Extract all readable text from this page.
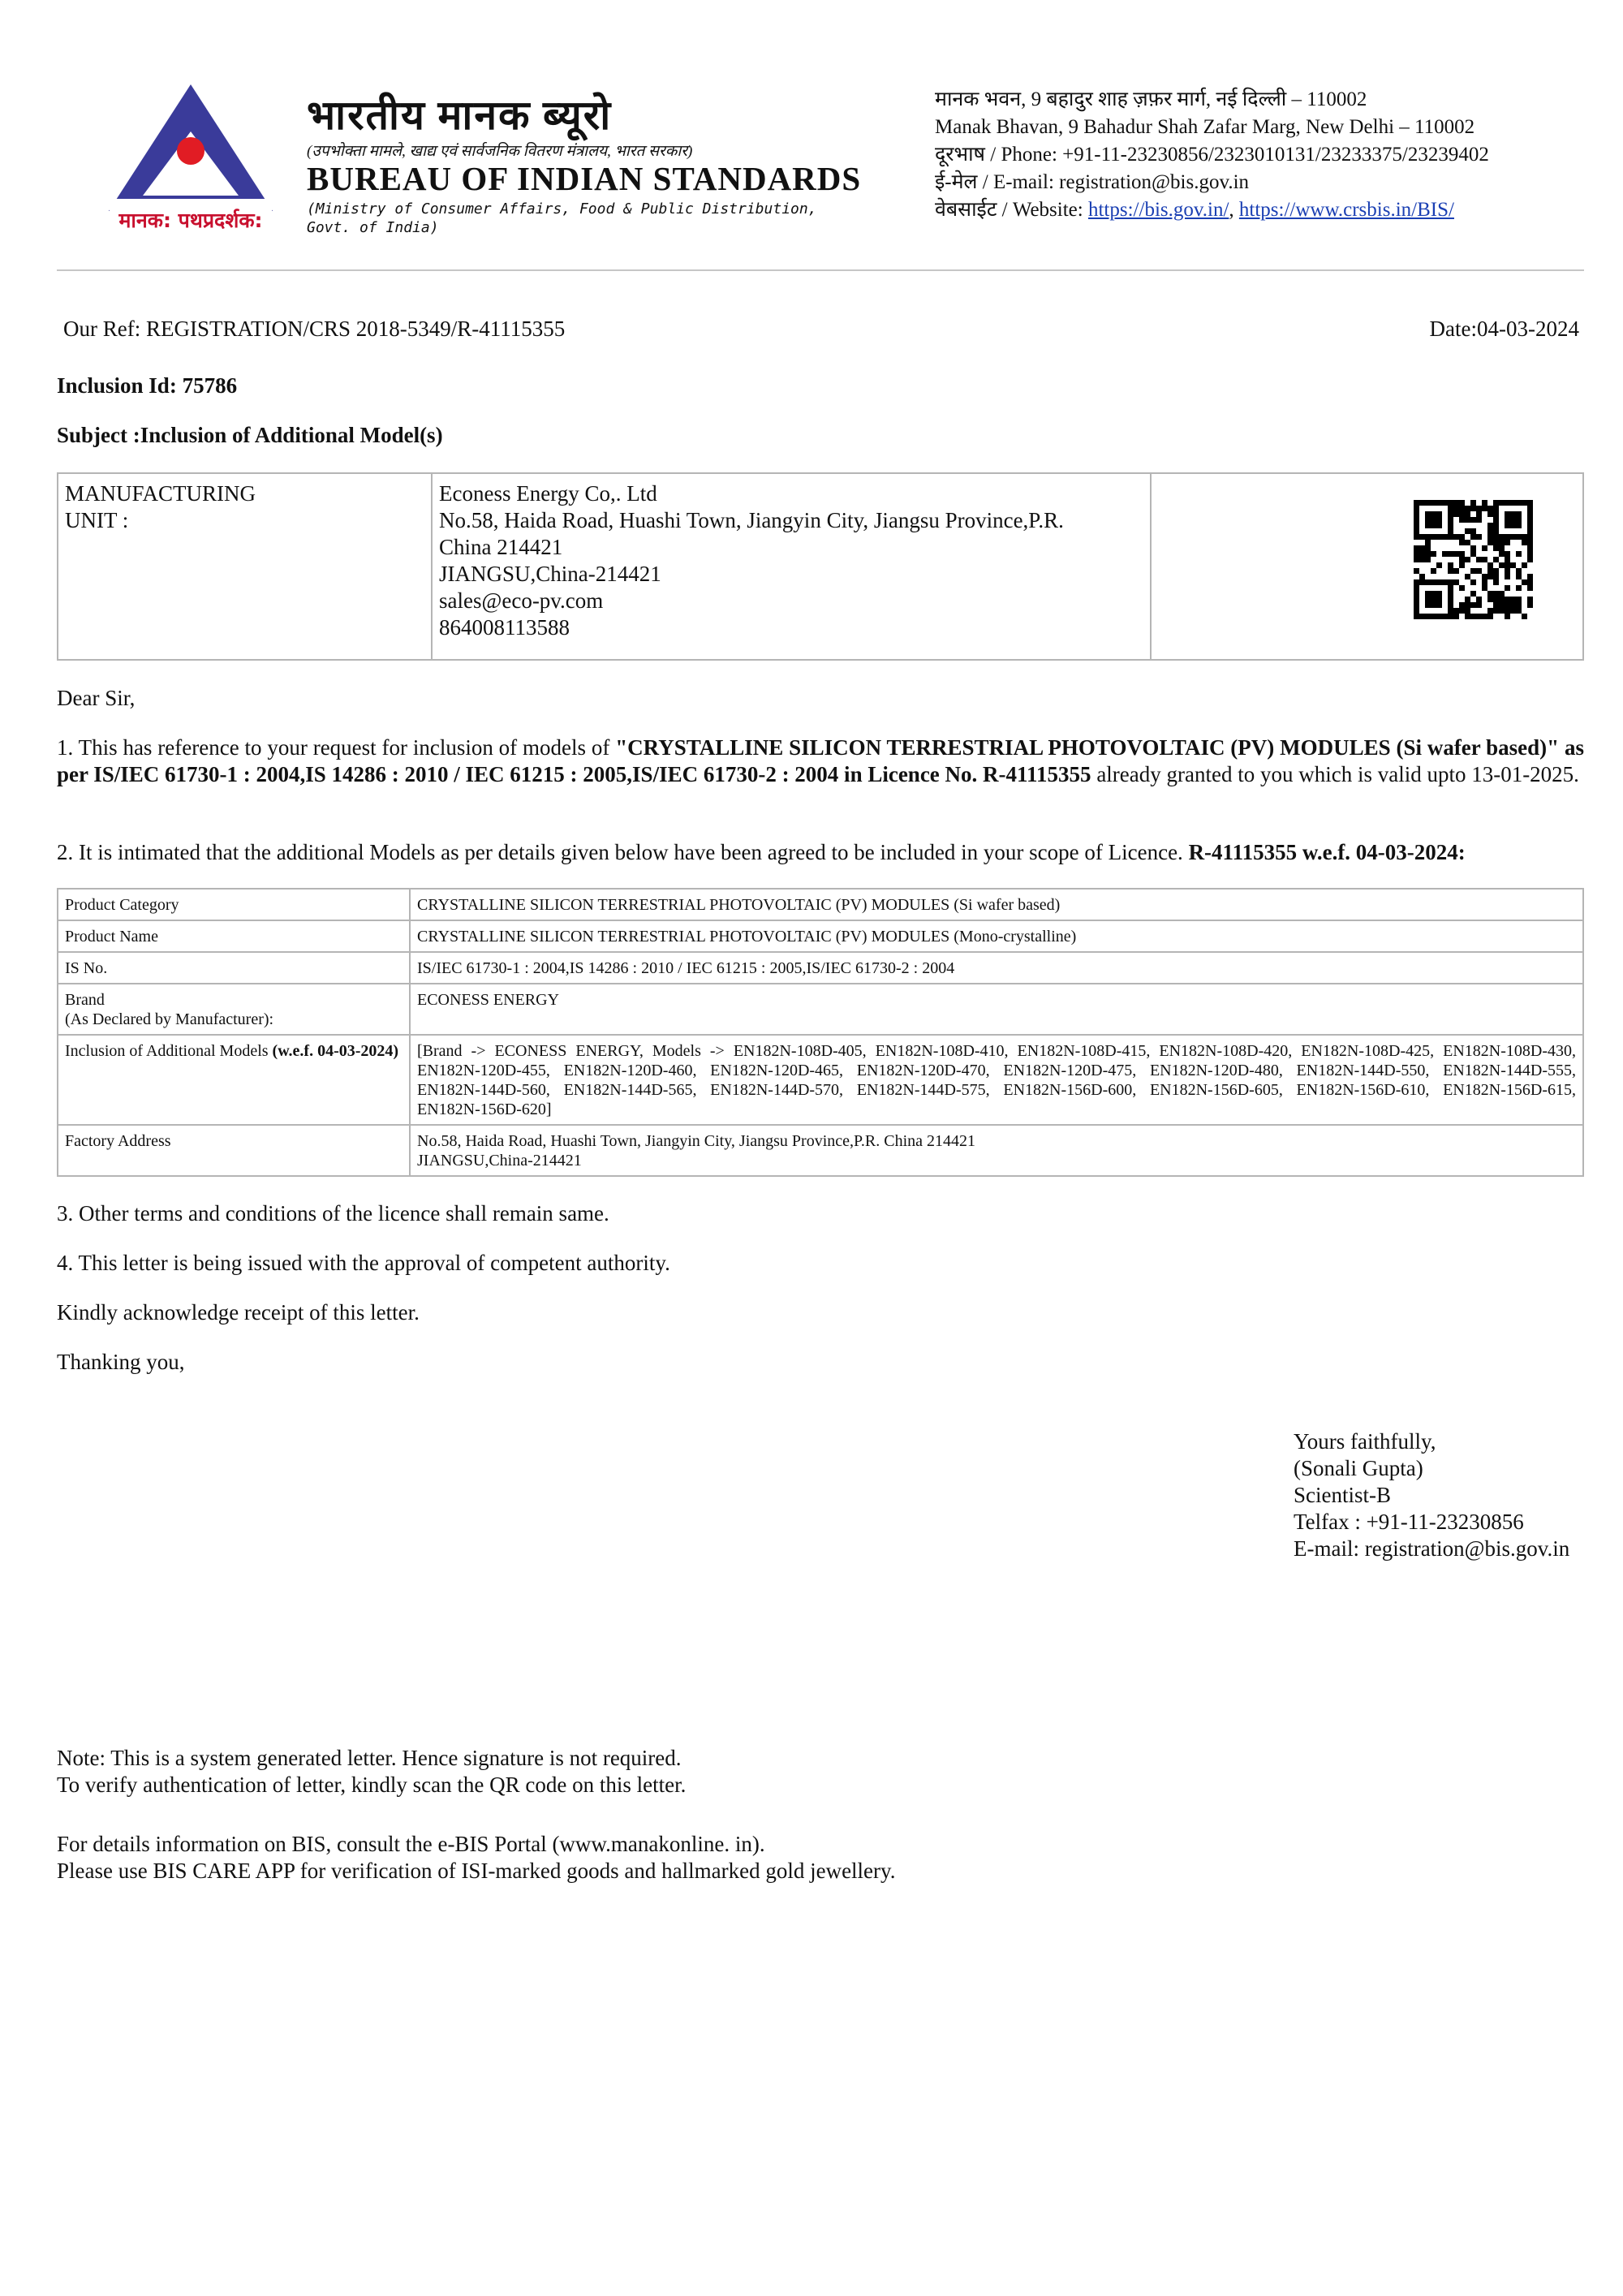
मानक: पथप्रदर्शक:
भारतीय मानक ब्यूरो
(उपभोक्ता मामले, खाद्य एवं सार्वजनिक वितरण मंत्रालय, भारत सरकार)
BUREAU OF INDIAN STANDARDS
(Ministry of Consumer Affairs, Food & Public Distribution,
Govt. of India)
मानक भवन, 9 बहादुर शाह ज़फ़र मार्ग, नई दिल्ली – 110002
Manak Bhavan, 9 Bahadur Shah Zafar Marg, New Delhi – 110002
दूरभाष / Phone: +91-11-23230856/2323010131/23233375/23239402
ई-मेल / E-mail: registration@bis.gov.in
वेबसाईट / Website: https://bis.gov.in/, https://www.crsbis.in/BIS/
Our Ref: REGISTRATION/CRS 2018-5349/R-41115355	Date:04-03-2024
Inclusion Id: 75786
Subject :Inclusion of Additional Model(s)
MANUFACTURING
UNIT :

Econess Energy Co,. Ltd
No.58, Haida Road, Huashi Town, Jiangyin City, Jiangsu Province,P.R.
China 214421
JIANGSU,China-214421
sales@eco-pv.com
864008113588

Dear Sir,
1. This has reference to your request for inclusion of models of "CRYSTALLINE SILICON TERRESTRIAL PHOTOVOLTAIC (PV) MODULES (Si wafer based)" as per IS/IEC 61730-1 : 2004,IS 14286 : 2010 / IEC 61215 : 2005,IS/IEC 61730-2 : 2004 in Licence No. R-41115355 already granted to you which is valid upto 13-01-2025.
2. It is intimated that the additional Models as per details given below have been agreed to be included in your scope of Licence. R-41115355 w.e.f. 04-03-2024:
Product Category	CRYSTALLINE SILICON TERRESTRIAL PHOTOVOLTAIC (PV) MODULES (Si wafer based)
Product Name	CRYSTALLINE SILICON TERRESTRIAL PHOTOVOLTAIC (PV) MODULES (Mono-crystalline)
IS No.	IS/IEC 61730-1 : 2004,IS 14286 : 2010 / IEC 61215 : 2005,IS/IEC 61730-2 : 2004

Brand
(As Declared by Manufacturer):	ECONESS ENERGY
Inclusion of Additional Models (w.e.f. 04-03-2024)	[Brand -> ECONESS ENERGY, Models -> EN182N-108D-405, EN182N-108D-410, EN182N-108D-415, EN182N-108D-420, EN182N-108D-425, EN182N-108D-430, EN182N-120D-455, EN182N-120D-460, EN182N-120D-465, EN182N-120D-470, EN182N-120D-475, EN182N-120D-480, EN182N-144D-550, EN182N-144D-555, EN182N-144D-560, EN182N-144D-565, EN182N-144D-570, EN182N-144D-575, EN182N-156D-600, EN182N-156D-605, EN182N-156D-610, EN182N-156D-615, EN182N-156D-620]
Factory Address	No.58, Haida Road, Huashi Town, Jiangyin City, Jiangsu Province,P.R. China 214421
JIANGSU,China-214421
3. Other terms and conditions of the licence shall remain same.
4. This letter is being issued with the approval of competent authority.
Kindly acknowledge receipt of this letter.
Thanking you,
Yours faithfully,
(Sonali Gupta)
Scientist-B
Telfax : +91-11-23230856
E-mail: registration@bis.gov.in
Note: This is a system generated letter. Hence signature is not required.
To verify authentication of letter, kindly scan the QR code on this letter.
For details information on BIS, consult the e-BIS Portal (www.manakonline. in).
Please use BIS CARE APP for verification of ISI-marked goods and hallmarked gold jewellery.
